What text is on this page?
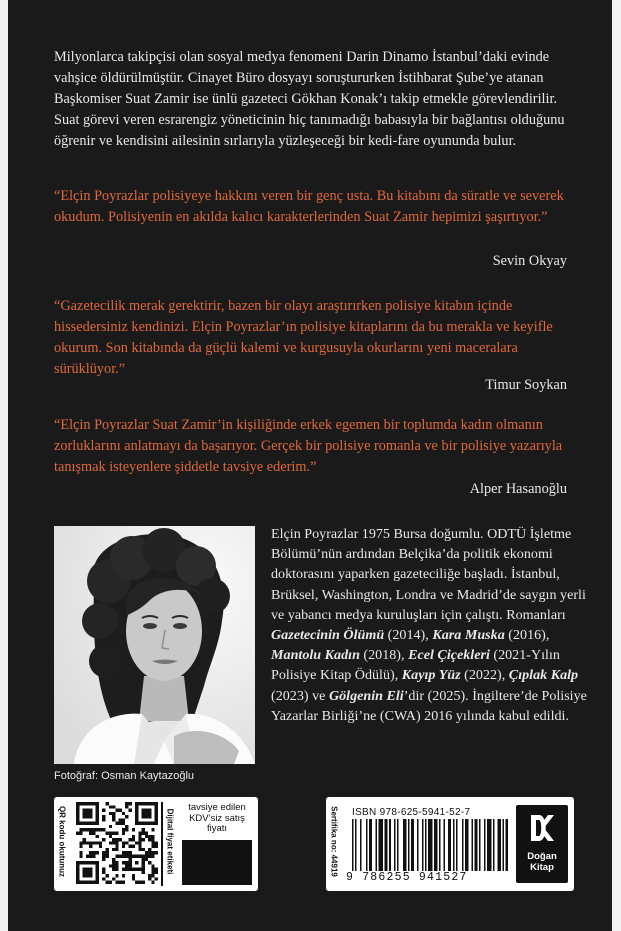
Milyonlarca takipçisi olan sosyal medya fenomeni Darin Dinamo İstanbul’daki evinde vahşice öldürülmüştür. Cinayet Büro dosyayı soruştururken İstihbarat Şube’ye atanan Başkomiser Suat Zamir ise ünlü gazeteci Gökhan Konak’ı takip etmekle görevlendirilir. Suat görevi veren esrarengiz yöneticinin hiç tanımadığı babasıyla bir bağlantısı olduğunu öğrenir ve kendisini ailesinin sırlarıyla yüzleşeceği bir kedi-fare oyununda bulur.

“Elçin Poyrazlar polisiyeye hakkını veren bir genç usta. Bu kitabını da süratle ve severek okudum. Polisiyenin en akılda kalıcı karakterlerinden Suat Zamir hepimizi şaşırtıyor.”

Sevin Okyay

“Gazetecilik merak gerektirir, bazen bir olayı araştırırken polisiye kitabın içinde hissedersiniz kendinizi. Elçin Poyrazlar’ın polisiye kitaplarını da bu merakla ve keyifle okurum. Son kitabında da güçlü kalemi ve kurgusuyla okurlarını yeni maceralara sürüklüyor.”

Timur Soykan

“Elçin Poyrazlar Suat Zamir’in kişiliğinde erkek egemen bir toplumda kadın olmanın zorluklarını anlatmayı da başarıyor. Gerçek bir polisiye romanla ve bir polisiye yazarıyla tanışmak isteyenlere şiddetle tavsiye ederim.”

Alper Hasanoğlu
Fotoğraf: Osman Kaytazoğlu

Elçin Poyrazlar 1975 Bursa doğumlu. ODTÜ İşletme Bölümü’nün ardından Belçika’da politik ekonomi doktorasını yaparken gazeteciliğe başladı. İstanbul, Brüksel, Washington, Londra ve Madrid’de saygın yerli ve yabancı medya kuruluşları için çalıştı. Romanları Gazetecinin Ölümü (2014), Kara Muska (2016), Mantolu Kadın (2018), Ecel Çiçekleri (2021-Yılın Polisiye Kitap Ödülü), Kayıp Yüz (2022), Çıplak Kalp (2023) ve Gölgenin Eli’dir (2025). İngiltere’de Polisiye Yazarlar Birliği’ne (CWA) 2016 yılında kabul edildi.

QR kodu okutunuz	Dijital fiyat etiketi
tavsiye edilen KDV’siz satış fiyatı	Sertifika no: 44919 ISBN 978-625-5941-52-7
9 786255 941527
Doğan
Kitap
